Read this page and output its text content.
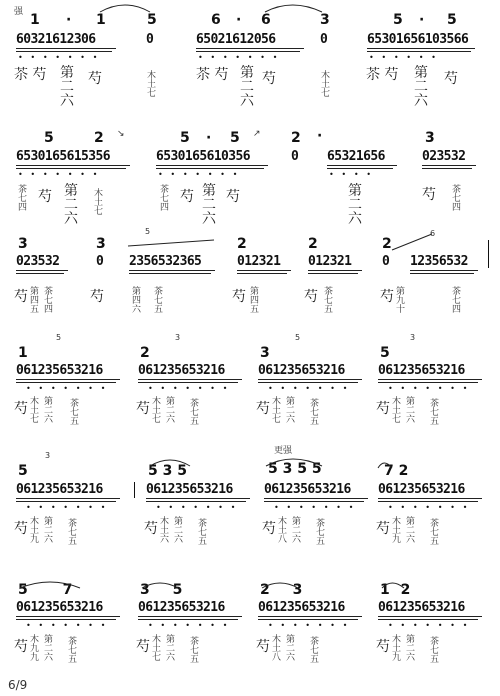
强 1 · 1	5	6 · 6	3	5 · 5
60321612306	0	65021612056	0	65301656103566
• • • • • • •	• • • • • • •	• • • • • •
苶 芍 第
二
六
芍	木
土
七
苶 芍 第
二
六
芍	木
土
七
苶 芍 第
二
六
芍
5	2 ↘	5 · 5 ↗ 2 ·	3
6530165615356	6530165610356	0 65321656	023532
• • • • • • •	• • • • • • •	• • • •
茶
七
四
芍 第
二
六
木
土
七
茶
七
四
芍 第
二
六
芍	第
二
六
芍 茶
七
四
3	3	2	2	2
023532	0 2356532365	012321 012321 0 12356532
芍 第
四
五
茶
七
四
芍	第
四
六
茶
七
五
芍 第
四
五
芍 茶
七
五
芍 第
九
十
茶
七
四
1	2	3	5
061235653216	061235653216	061235653216	061235653216
• • • • • • •	• • • • • • •	• • • • • • •	• • • • • • •
芍 木
土
七
第
二
六
茶
七
五
芍 木
土
七
第
二
六
茶
七
五
芍 木
土
七
第
二
六
茶
七
五
芍 木
土
七
第
二
六
茶
七
五
更强
5	5 3 5	5 3 5 5	7 2
061235653216	061235653216 061235653216 061235653216
• • • • • • •	• • • • • • •	• • • • • • •	• • • • • • •
芍 木
土
九
第
二
六
茶
七
五
芍 木
土
六
第
二
六
茶
七
五
芍 木
土
八
第
二
六
茶
七
五
芍 木
土
九
第
二
六
茶
七
五
5 7	3 5	2 3	1 2
061235653216	061235653216	061235653216	061235653216
• • • • • • •	• • • • • • •	• • • • • • •	• • • • • • •
芍 木
九
九
第
二
六
茶
七
五
芍 木
土
七
第
二
六
茶
七
五
芍 木
土
八
第
二
六
茶
七
五
芍 木
土
九
第
二
六
茶
七
五
5	6
5	3	5	3
3
6/9
